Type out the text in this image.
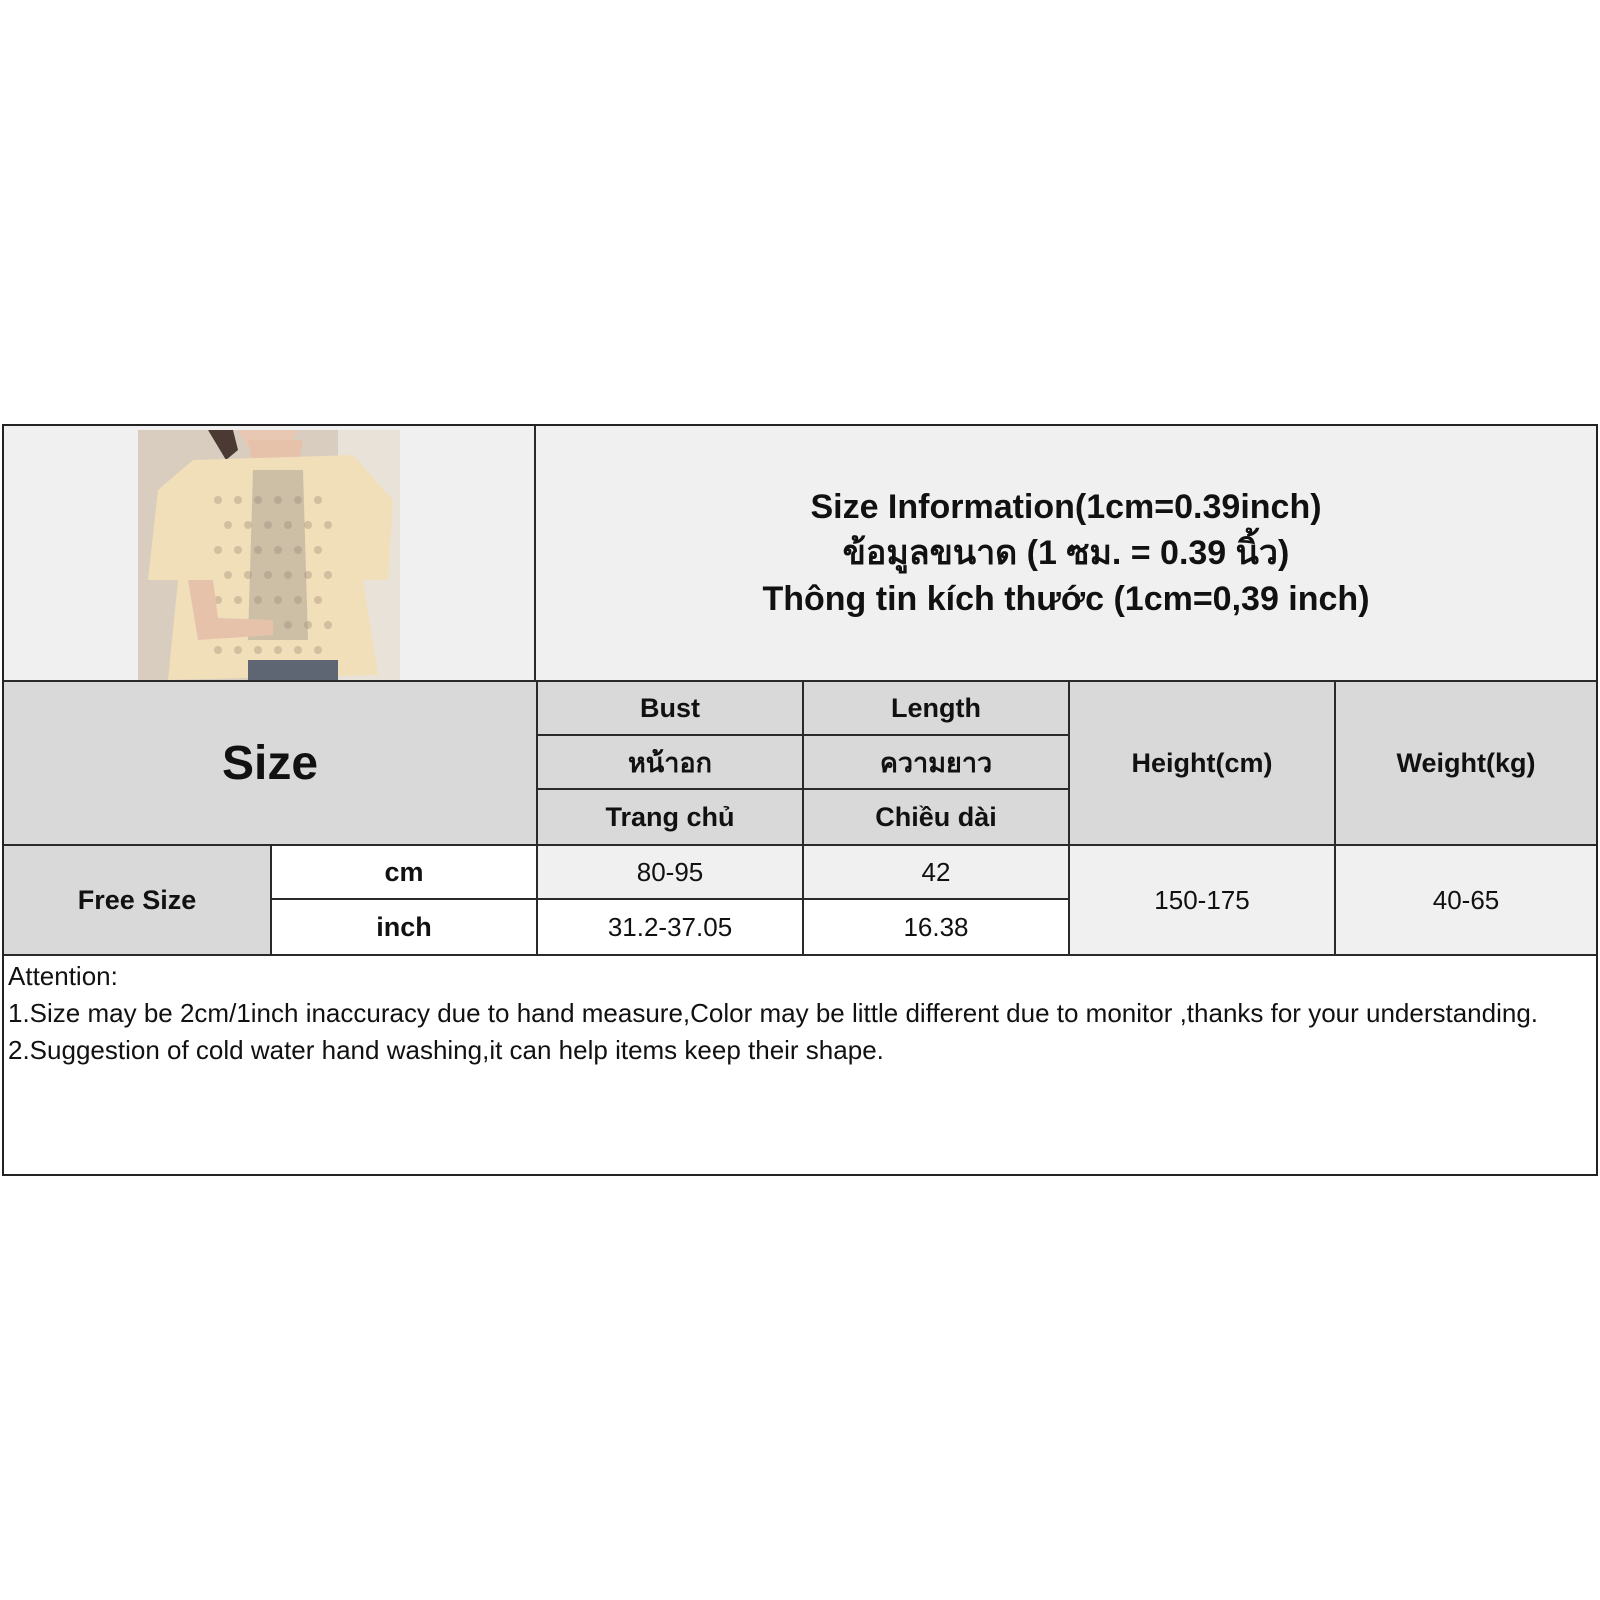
Size Information(1cm=0.39inch)
ข้อมูลขนาด (1 ซม. = 0.39 นิ้ว)
Thông tin kích thước (1cm=0,39 inch)
Size
Bust
หน้าอก
Trang chủ
Length
ความยาว
Chiều dài
Height(cm)	Weight(kg)
Free Size
cm
inch
80-95
31.2-37.05
42
16.38
150-175	40-65
Attention:
1.Size may be 2cm/1inch inaccuracy due to hand measure,Color may be little different due to monitor ,thanks for your understanding.
2.Suggestion of cold water hand washing,it can help items keep their shape.
